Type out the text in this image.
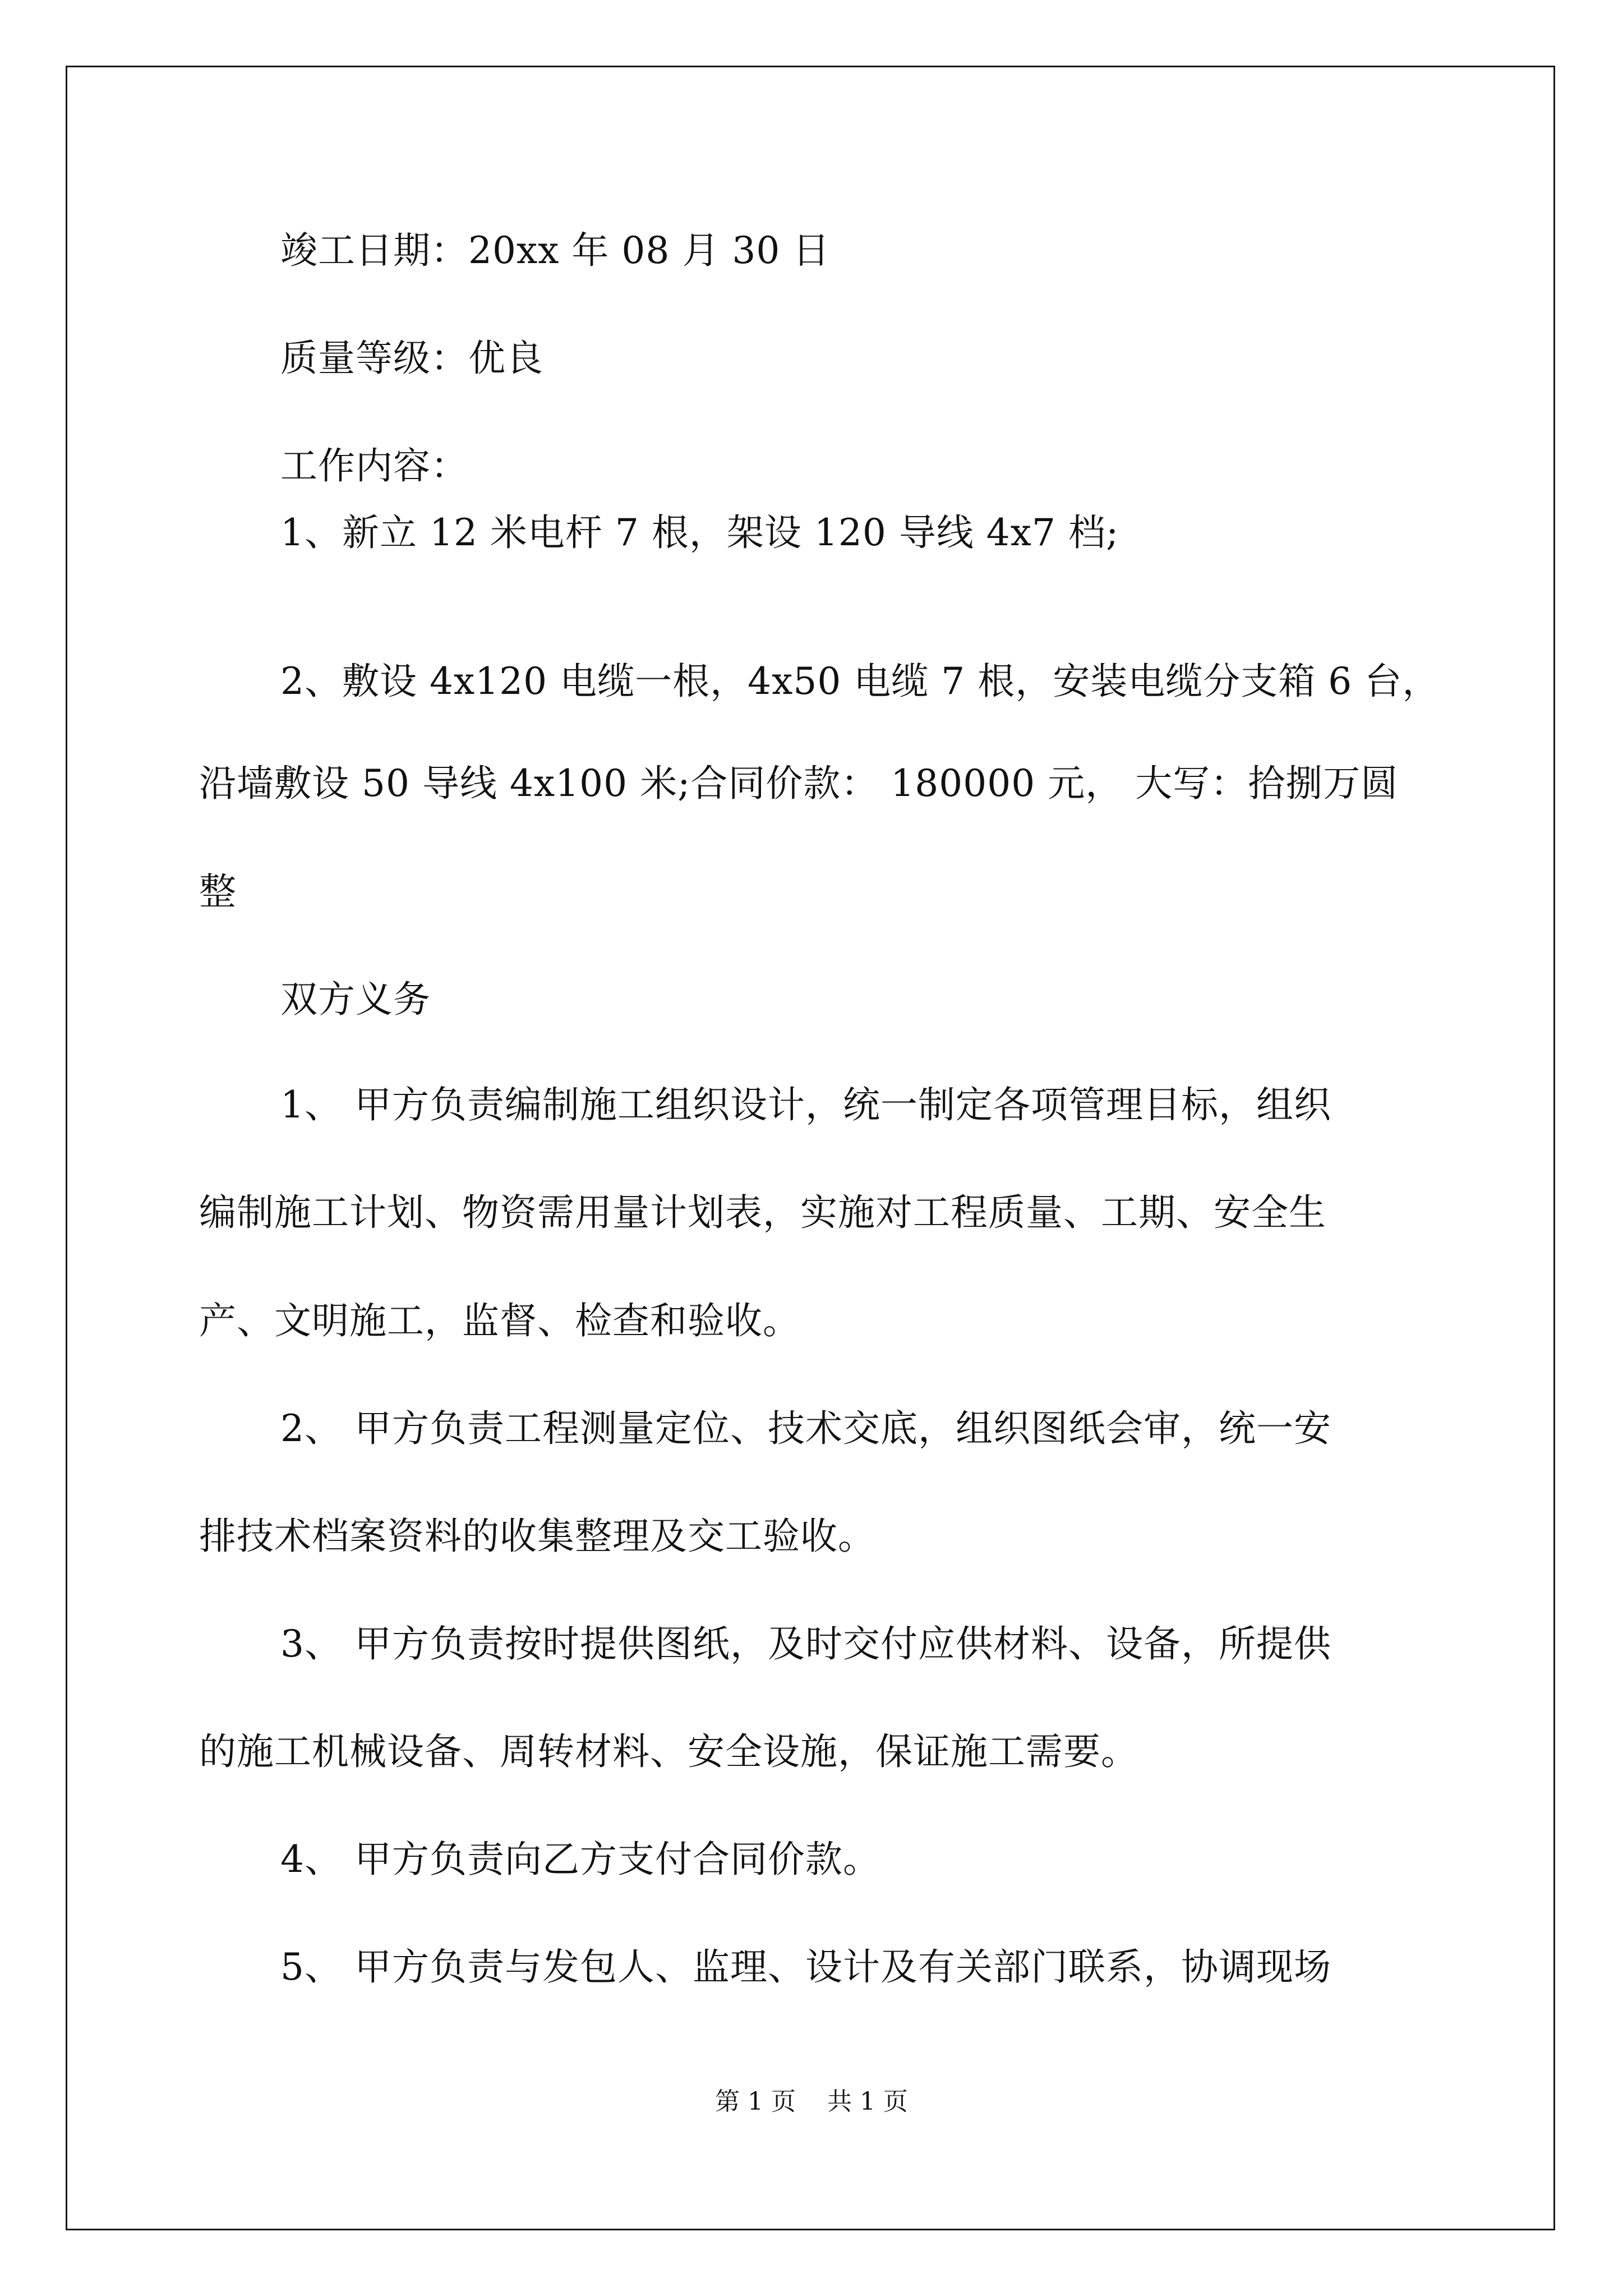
竣工日期：20xx 年 08 月 30 日
质量等级：优良
工作内容：
1、新立 12 米电杆 7 根，架设 120 导线 4x7 档;
2、敷设 4x120 电缆一根，4x50 电缆 7 根，安装电缆分支箱 6 台，
沿墙敷设 50 导线 4x100 米;合同价款： 180000 元， 大写：拾捌万圆
整
双方义务
1、 甲方负责编制施工组织设计，统一制定各项管理目标，组织
编制施工计划、物资需用量计划表，实施对工程质量、工期、安全生
产、文明施工，监督、检查和验收。
2、 甲方负责工程测量定位、技术交底，组织图纸会审，统一安
排技术档案资料的收集整理及交工验收。
3、 甲方负责按时提供图纸，及时交付应供材料、设备，所提供
的施工机械设备、周转材料、安全设施，保证施工需要。
4、 甲方负责向乙方支付合同价款。
5、 甲方负责与发包人、监理、设计及有关部门联系，协调现场
第 1 页    共 1 页
